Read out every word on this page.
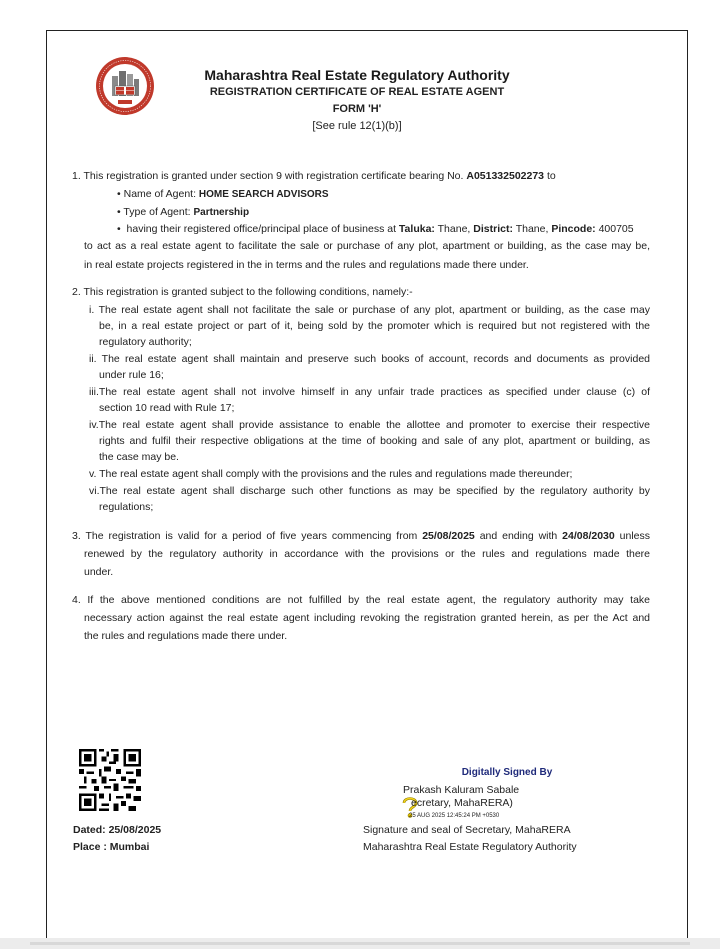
Maharashtra Real Estate Regulatory Authority
REGISTRATION CERTIFICATE OF REAL ESTATE AGENT
FORM 'H'
[See rule 12(1)(b)]
1. This registration is granted under section 9 with registration certificate bearing No. A051332502273 to
• Name of Agent: HOME SEARCH ADVISORS
• Type of Agent: Partnership
• having their registered office/principal place of business at Taluka: Thane, District: Thane, Pincode: 400705
to act as a real estate agent to facilitate the sale or purchase of any plot, apartment or building, as the case may be,
in real estate projects registered in the in terms and the rules and regulations made there under.
2. This registration is granted subject to the following conditions, namely:-
i. The real estate agent shall not facilitate the sale or purchase of any plot, apartment or building, as the case may
be, in a real estate project or part of it, being sold by the promoter which is required but not registered with the
regulatory authority;
ii. The real estate agent shall maintain and preserve such books of account, records and documents as provided
under rule 16;
iii.The real estate agent shall not involve himself in any unfair trade practices as specified under clause (c) of
section 10 read with Rule 17;
iv.The real estate agent shall provide assistance to enable the allottee and promoter to exercise their respective
rights and fulfil their respective obligations at the time of booking and sale of any plot, apartment or building, as
the case may be.
v. The real estate agent shall comply with the provisions and the rules and regulations made thereunder;
vi.The real estate agent shall discharge such other functions as may be specified by the regulatory authority by
regulations;
3. The registration is valid for a period of five years commencing from 25/08/2025 and ending with 24/08/2030 unless
renewed by the regulatory authority in accordance with the provisions or the rules and regulations made there
under.
4. If the above mentioned conditions are not fulfilled by the real estate agent, the regulatory authority may take
necessary action against the real estate agent including revoking the registration granted herein, as per the Act and
the rules and regulations made there under.
Dated: 25/08/2025
Place : Mumbai
Digitally Signed By
Prakash Kaluram Sabale
ecretary, MahaRERA)
25 AUG 2025 12:45:24 PM +0530
Signature and seal of Secretary, MahaRERA
Maharashtra Real Estate Regulatory Authority
